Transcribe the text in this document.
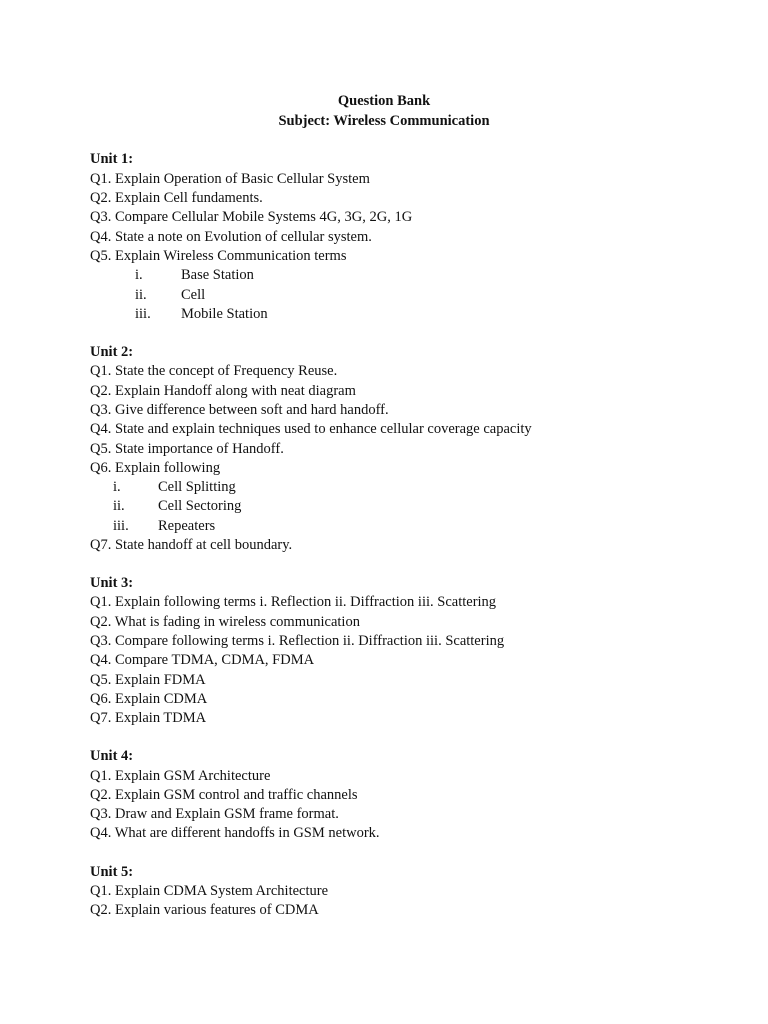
Question Bank
Subject: Wireless Communication
Unit 1:
Q1. Explain Operation of Basic Cellular System
Q2. Explain Cell fundaments.
Q3. Compare Cellular Mobile Systems 4G, 3G, 2G, 1G
Q4. State a note on Evolution of cellular system.
Q5. Explain Wireless Communication terms
i.	Base Station
ii. Cell
iii. Mobile Station
Unit 2:
Q1. State the concept of Frequency Reuse.
Q2. Explain Handoff along with neat diagram
Q3. Give difference between soft and hard handoff.
Q4. State and explain techniques used to enhance cellular coverage capacity
Q5. State importance of Handoff.
Q6. Explain following
i.	Cell Splitting
ii. Cell Sectoring
iii. Repeaters
Q7. State handoff at cell boundary.
Unit 3:
Q1. Explain following terms i. Reflection ii. Diffraction iii. Scattering
Q2. What is fading in wireless communication
Q3. Compare following terms i. Reflection ii. Diffraction iii. Scattering
Q4. Compare TDMA, CDMA, FDMA
Q5. Explain FDMA
Q6. Explain CDMA
Q7. Explain TDMA
Unit 4:
Q1. Explain GSM Architecture
Q2. Explain GSM control and traffic channels
Q3. Draw and Explain GSM frame format.
Q4. What are different handoffs in GSM network.
Unit 5:
Q1. Explain CDMA System Architecture
Q2. Explain various features of CDMA
